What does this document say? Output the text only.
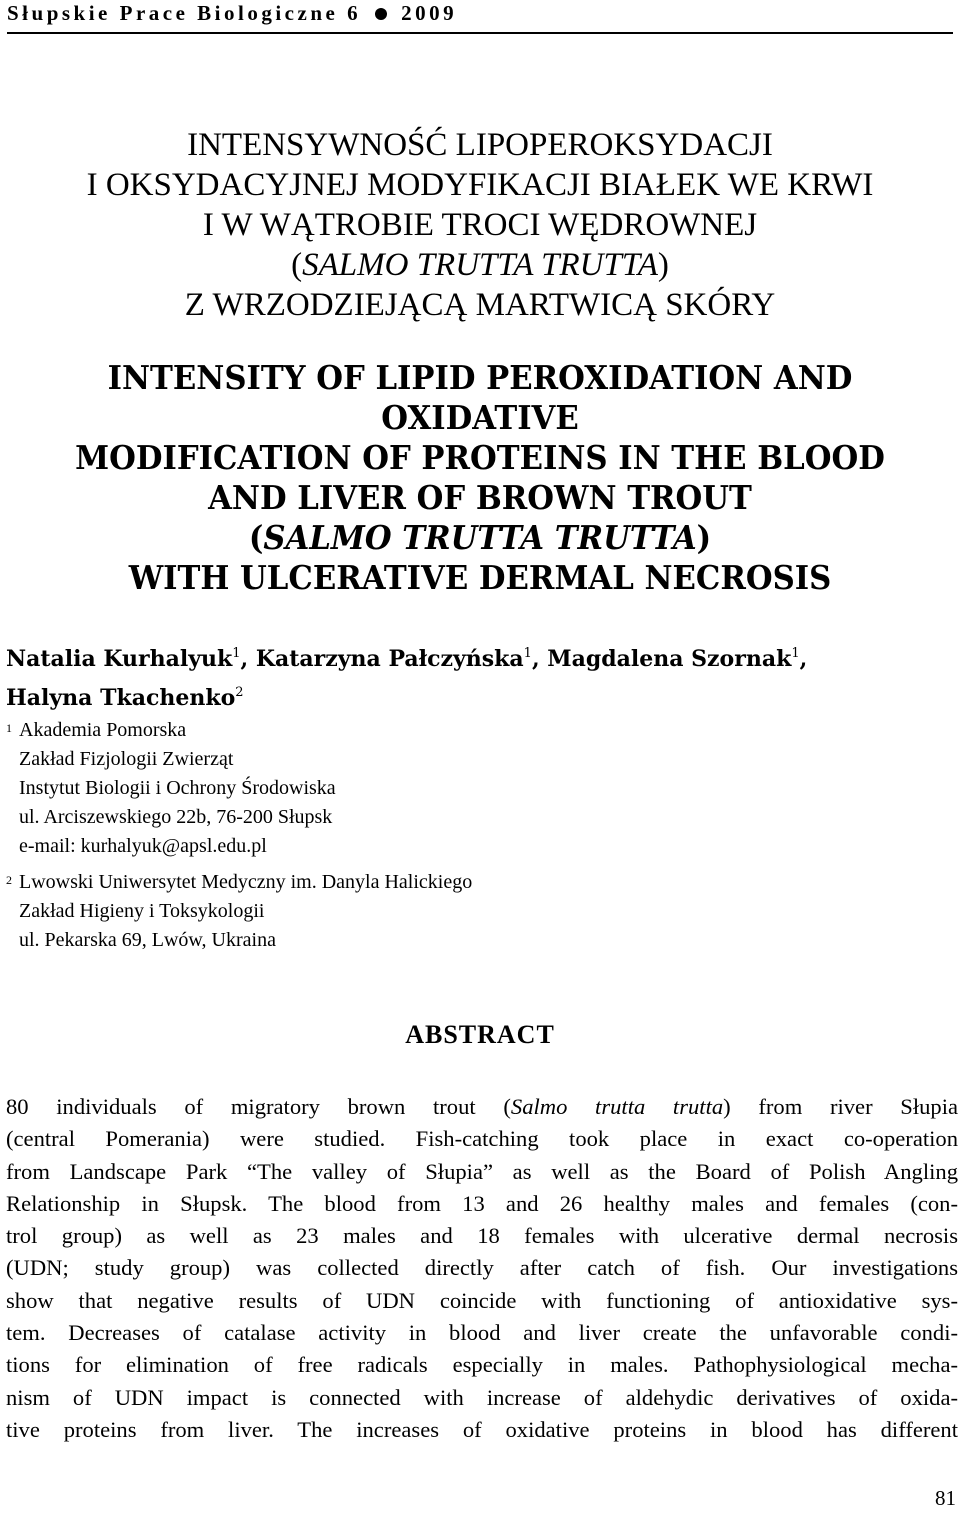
Słupskie Prace Biologiczne 6 2009
INTENSYWNOŚĆ LIPOPEROKSYDACJI
I OKSYDACYJNEJ MODYFIKACJI BIAŁEK WE KRWI
I W WĄTROBIE TROCI WĘDROWNEJ
(SALMO TRUTTA TRUTTA)
Z WRZODZIEJĄCĄ MARTWICĄ SKÓRY
INTENSITY OF LIPID PEROXIDATION AND OXIDATIVE
MODIFICATION OF PROTEINS IN THE BLOOD
AND LIVER OF BROWN TROUT
(SALMO TRUTTA TRUTTA)
WITH ULCERATIVE DERMAL NECROSIS
Natalia Kurhalyuk$^1$, Katarzyna Pałczyńska$^1$, Magdalena Szornak$^1$,
Halyna Tkachenko$^2$
1 Akademia Pomorska
Zakład Fizjologii Zwierząt
Instytut Biologii i Ochrony Środowiska
ul. Arciszewskiego 22b, 76-200 Słupsk
e-mail: kurhalyuk@apsl.edu.pl
2 Lwowski Uniwersytet Medyczny im. Danyla Halickiego
Zakład Higieny i Toksykologii
ul. Pekarska 69, Lwów, Ukraina
ABSTRACT
80 individuals of migratory brown trout (Salmo trutta trutta) from river Słupia
(central Pomerania) were studied. Fish-catching took place in exact co-operation
from Landscape Park “The valley of Słupia” as well as the Board of Polish Angling
Relationship in Słupsk. The blood from 13 and 26 healthy males and females (con-
trol group) as well as 23 males and 18 females with ulcerative dermal necrosis
(UDN; study group) was collected directly after catch of fish. Our investigations
show that negative results of UDN coincide with functioning of antioxidative sys-
tem. Decreases of catalase activity in blood and liver create the unfavorable condi-
tions for elimination of free radicals especially in males. Pathophysiological mecha-
nism of UDN impact is connected with increase of aldehydic derivatives of oxida-
tive proteins from liver. The increases of oxidative proteins in blood has different
81
